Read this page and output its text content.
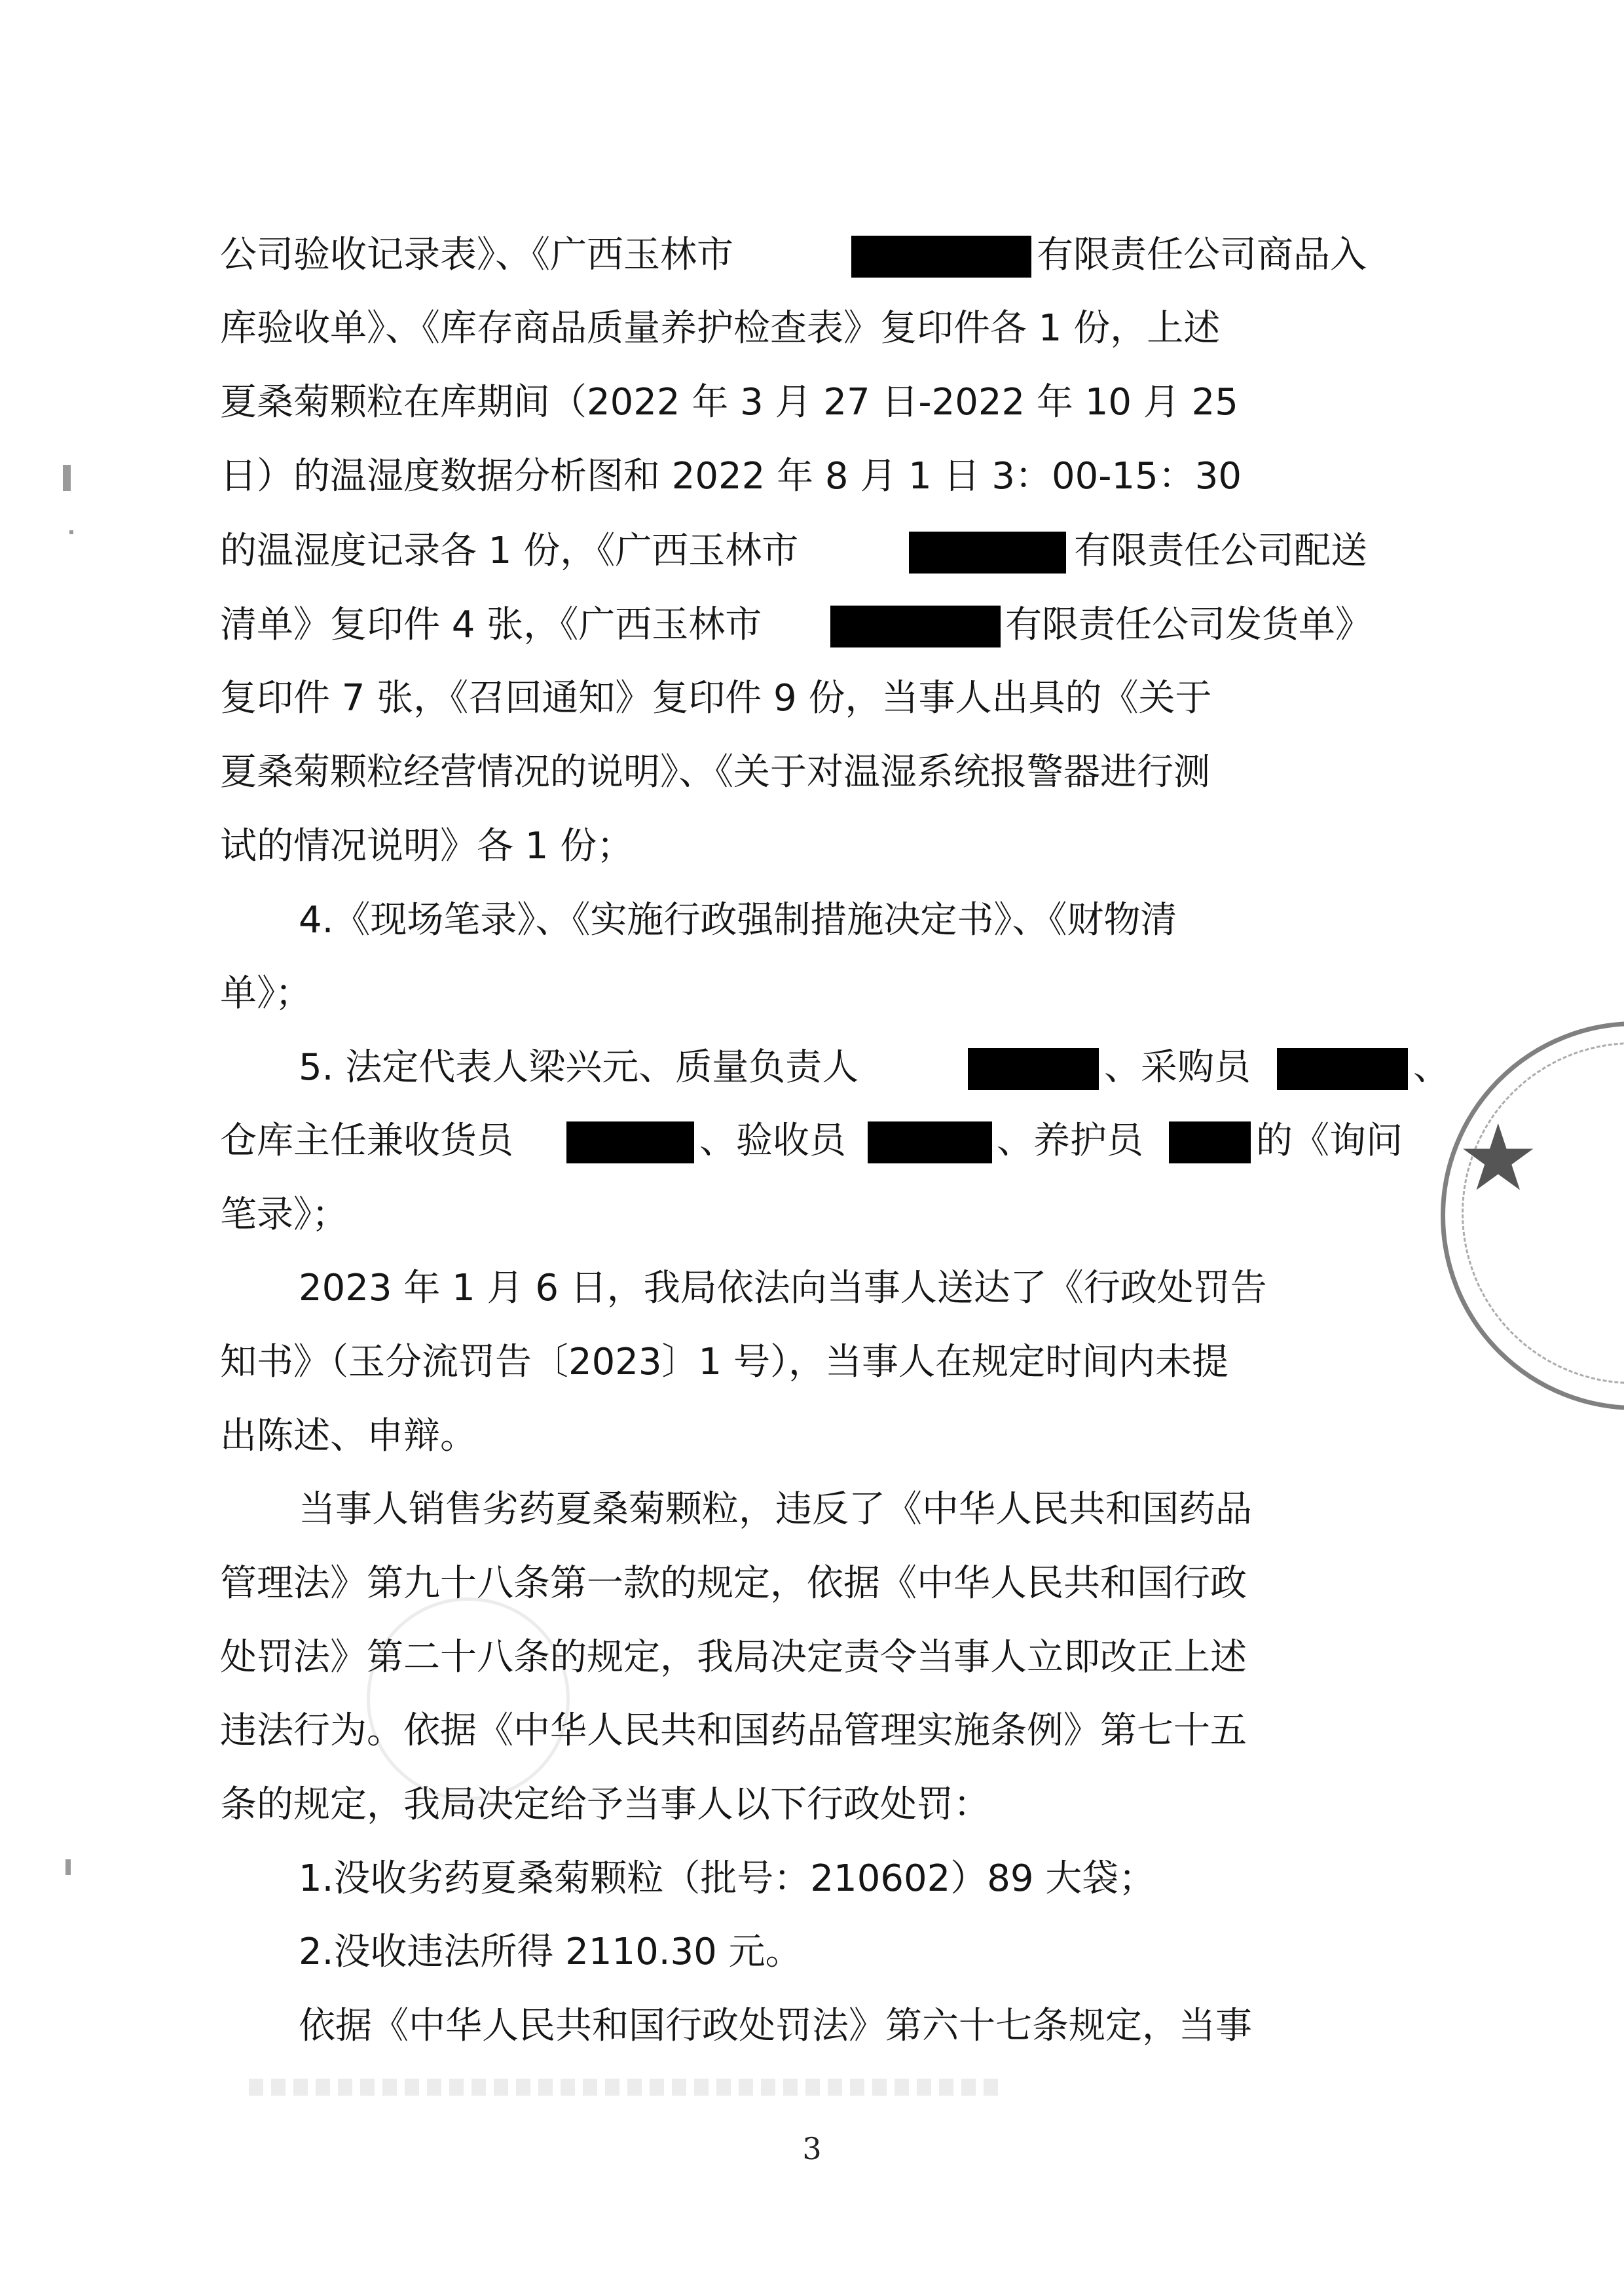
★
公司验收记录表》、《广西玉林市	有限责任公司商品入
库验收单》、《库存商品质量养护检查表》复印件各 1 份，上述
夏桑菊颗粒在库期间（2022 年 3 月 27 日-2022 年 10 月 25
日）的温湿度数据分析图和 2022 年 8 月 1 日 3：00-15：30
的温湿度记录各 1 份，《广西玉林市	有限责任公司配送
清单》复印件 4 张，《广西玉林市	有限责任公司发货单》
复印件 7 张，《召回通知》复印件 9 份，当事人出具的《关于
夏桑菊颗粒经营情况的说明》、《关于对温湿系统报警器进行测
试的情况说明》各 1 份；
4.《现场笔录》、《实施行政强制措施决定书》、《财物清
单》；
5. 法定代表人梁兴元、质量负责人	、采购员	、
仓库主任兼收货员	、验收员	、养护员	的《询问
笔录》；
2023 年 1 月 6 日，我局依法向当事人送达了《行政处罚告
知书》（玉分流罚告〔2023〕1 号），当事人在规定时间内未提
出陈述、申辩。
当事人销售劣药夏桑菊颗粒，违反了《中华人民共和国药品
管理法》第九十八条第一款的规定，依据《中华人民共和国行政
处罚法》第二十八条的规定，我局决定责令当事人立即改正上述
违法行为。依据《中华人民共和国药品管理实施条例》第七十五
条的规定，我局决定给予当事人以下行政处罚：
1.没收劣药夏桑菊颗粒（批号：210602）89 大袋；
2.没收违法所得 2110.30 元。
依据《中华人民共和国行政处罚法》第六十七条规定，当事
3
